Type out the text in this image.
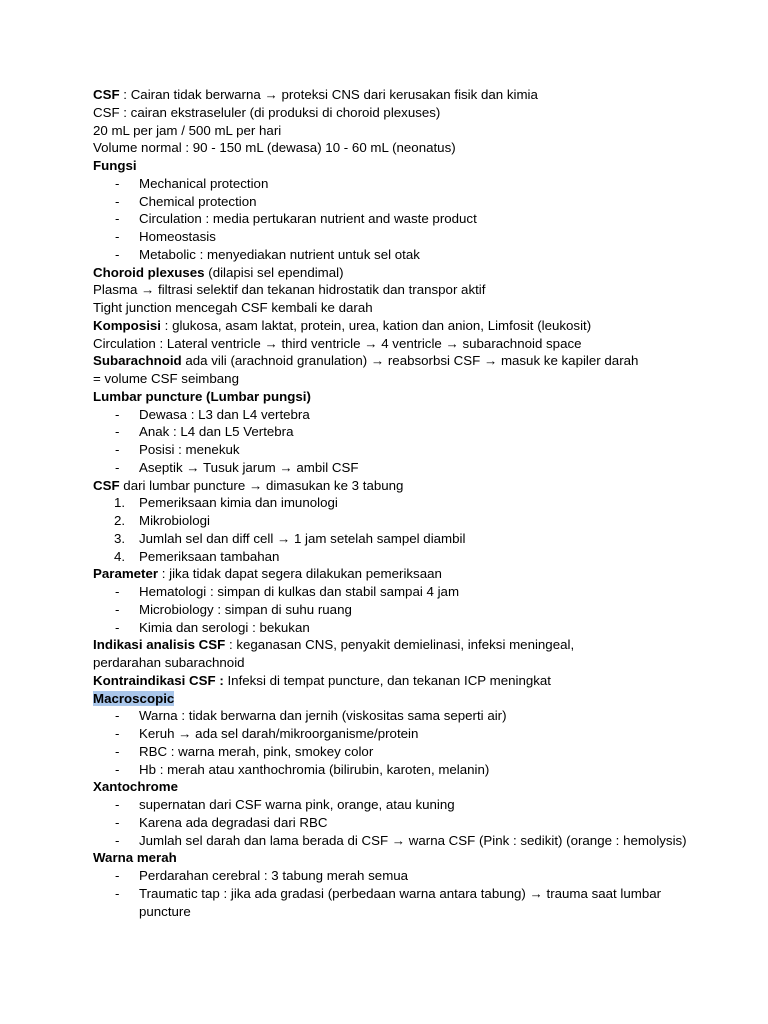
CSF : Cairan tidak berwarna → proteksi CNS dari kerusakan fisik dan kimia
CSF : cairan ekstraseluler (di produksi di choroid plexuses)
20 mL per jam / 500 mL per hari
Volume normal : 90 - 150 mL (dewasa) 10 - 60 mL (neonatus)
Fungsi
- Mechanical protection
- Chemical protection
- Circulation : media pertukaran nutrient and waste product
- Homeostasis
- Metabolic : menyediakan nutrient untuk sel otak
Choroid plexuses (dilapisi sel ependimal)
Plasma → filtrasi selektif dan tekanan hidrostatik dan transpor aktif
Tight junction mencegah CSF kembali ke darah
Komposisi : glukosa, asam laktat, protein, urea, kation dan anion, Limfosit (leukosit)
Circulation : Lateral ventricle → third ventricle → 4 ventricle → subarachnoid space
Subarachnoid ada vili (arachnoid granulation) → reabsorbsi CSF → masuk ke kapiler darah
= volume CSF seimbang
Lumbar puncture (Lumbar pungsi)
- Dewasa : L3 dan L4 vertebra
- Anak : L4 dan L5 Vertebra
- Posisi : menekuk
- Aseptik → Tusuk jarum → ambil CSF
CSF dari lumbar puncture → dimasukan ke 3 tabung
1. Pemeriksaan kimia dan imunologi
2. Mikrobiologi
3. Jumlah sel dan diff cell → 1 jam setelah sampel diambil
4. Pemeriksaan tambahan
Parameter : jika tidak dapat segera dilakukan pemeriksaan
- Hematologi : simpan di kulkas dan stabil sampai 4 jam
- Microbiology : simpan di suhu ruang
- Kimia dan serologi : bekukan
Indikasi analisis CSF : keganasan CNS, penyakit demielinasi, infeksi meningeal,
perdarahan subarachnoid
Kontraindikasi CSF : Infeksi di tempat puncture, dan tekanan ICP meningkat
Macroscopic
- Warna : tidak berwarna dan jernih (viskositas sama seperti air)
- Keruh → ada sel darah/mikroorganisme/protein
- RBC : warna merah, pink, smokey color
- Hb : merah atau xanthochromia (bilirubin, karoten, melanin)
Xantochrome
- supernatan dari CSF warna pink, orange, atau kuning
- Karena ada degradasi dari RBC
- Jumlah sel darah dan lama berada di CSF → warna CSF (Pink : sedikit) (orange : hemolysis)
Warna merah
- Perdarahan cerebral : 3 tabung merah semua
- Traumatic tap : jika ada gradasi (perbedaan warna antara tabung) → trauma saat lumbar puncture
